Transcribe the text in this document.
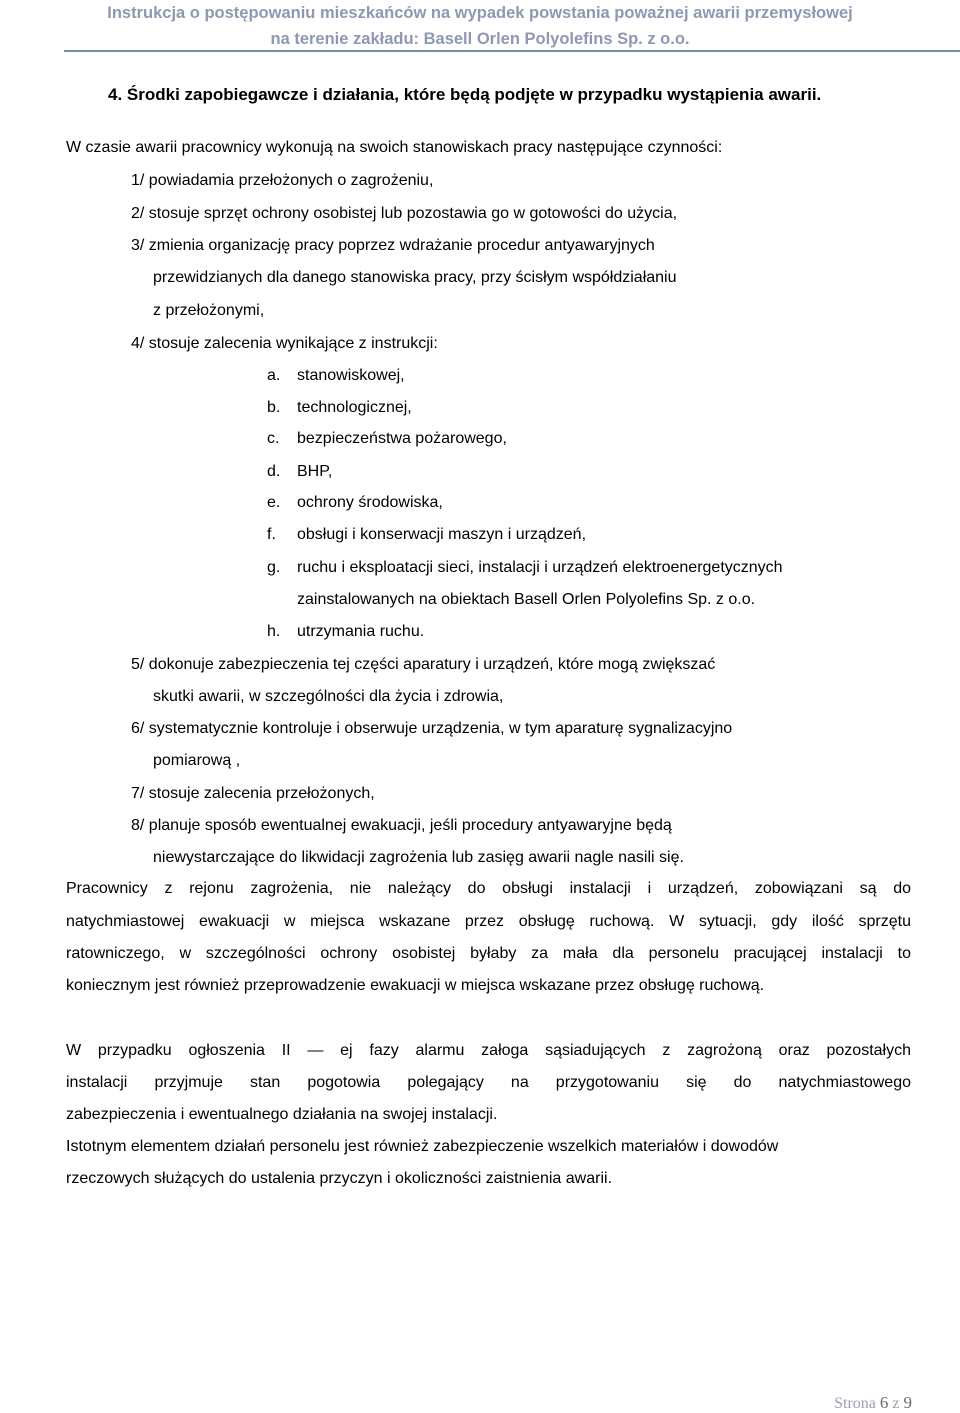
Instrukcja o postępowaniu mieszkańców na wypadek powstania poważnej awarii przemysłowej
na terenie zakładu: Basell Orlen Polyolefins Sp. z o.o.
4. Środki zapobiegawcze i działania, które będą podjęte w przypadku wystąpienia awarii.
W czasie awarii pracownicy wykonują na swoich stanowiskach pracy następujące czynności:
1/ powiadamia przełożonych o zagrożeniu,
2/ stosuje sprzęt ochrony osobistej lub pozostawia go w gotowości do użycia,
3/ zmienia organizację pracy poprzez wdrażanie procedur antyawaryjnych
przewidzianych dla danego stanowiska pracy, przy ścisłym współdziałaniu
z przełożonymi,
4/ stosuje zalecenia wynikające z instrukcji:
a. stanowiskowej,
b. technologicznej,
c. bezpieczeństwa pożarowego,
d. BHP,
e. ochrony środowiska,
f. obsługi i konserwacji maszyn i urządzeń,
g. ruchu i eksploatacji sieci, instalacji i urządzeń elektroenergetycznych
zainstalowanych na obiektach Basell Orlen Polyolefins Sp. z o.o.
h. utrzymania ruchu.
5/ dokonuje zabezpieczenia tej części aparatury i urządzeń, które mogą zwiększać
skutki awarii, w szczególności dla życia i zdrowia,
6/ systematycznie kontroluje i obserwuje urządzenia, w tym aparaturę sygnalizacyjno
pomiarową ,
7/ stosuje zalecenia przełożonych,
8/ planuje sposób ewentualnej ewakuacji, jeśli procedury antyawaryjne będą
niewystarczające do likwidacji zagrożenia lub zasięg awarii nagle nasili się.
Pracownicy z rejonu zagrożenia, nie należący do obsługi instalacji i urządzeń, zobowiązani są do
natychmiastowej ewakuacji w miejsca wskazane przez obsługę ruchową. W sytuacji, gdy ilość sprzętu
ratowniczego, w szczególności ochrony osobistej byłaby za mała dla personelu pracującej instalacji to
koniecznym jest również przeprowadzenie ewakuacji w miejsca wskazane przez obsługę ruchową.
W przypadku ogłoszenia II — ej fazy alarmu załoga sąsiadujących z zagrożoną oraz pozostałych
instalacji przyjmuje stan pogotowia polegający na przygotowaniu się do natychmiastowego
zabezpieczenia i ewentualnego działania na swojej instalacji.
Istotnym elementem działań personelu jest również zabezpieczenie wszelkich materiałów i dowodów
rzeczowych służących do ustalenia przyczyn i okoliczności zaistnienia awarii.
Strona 6 z 9
